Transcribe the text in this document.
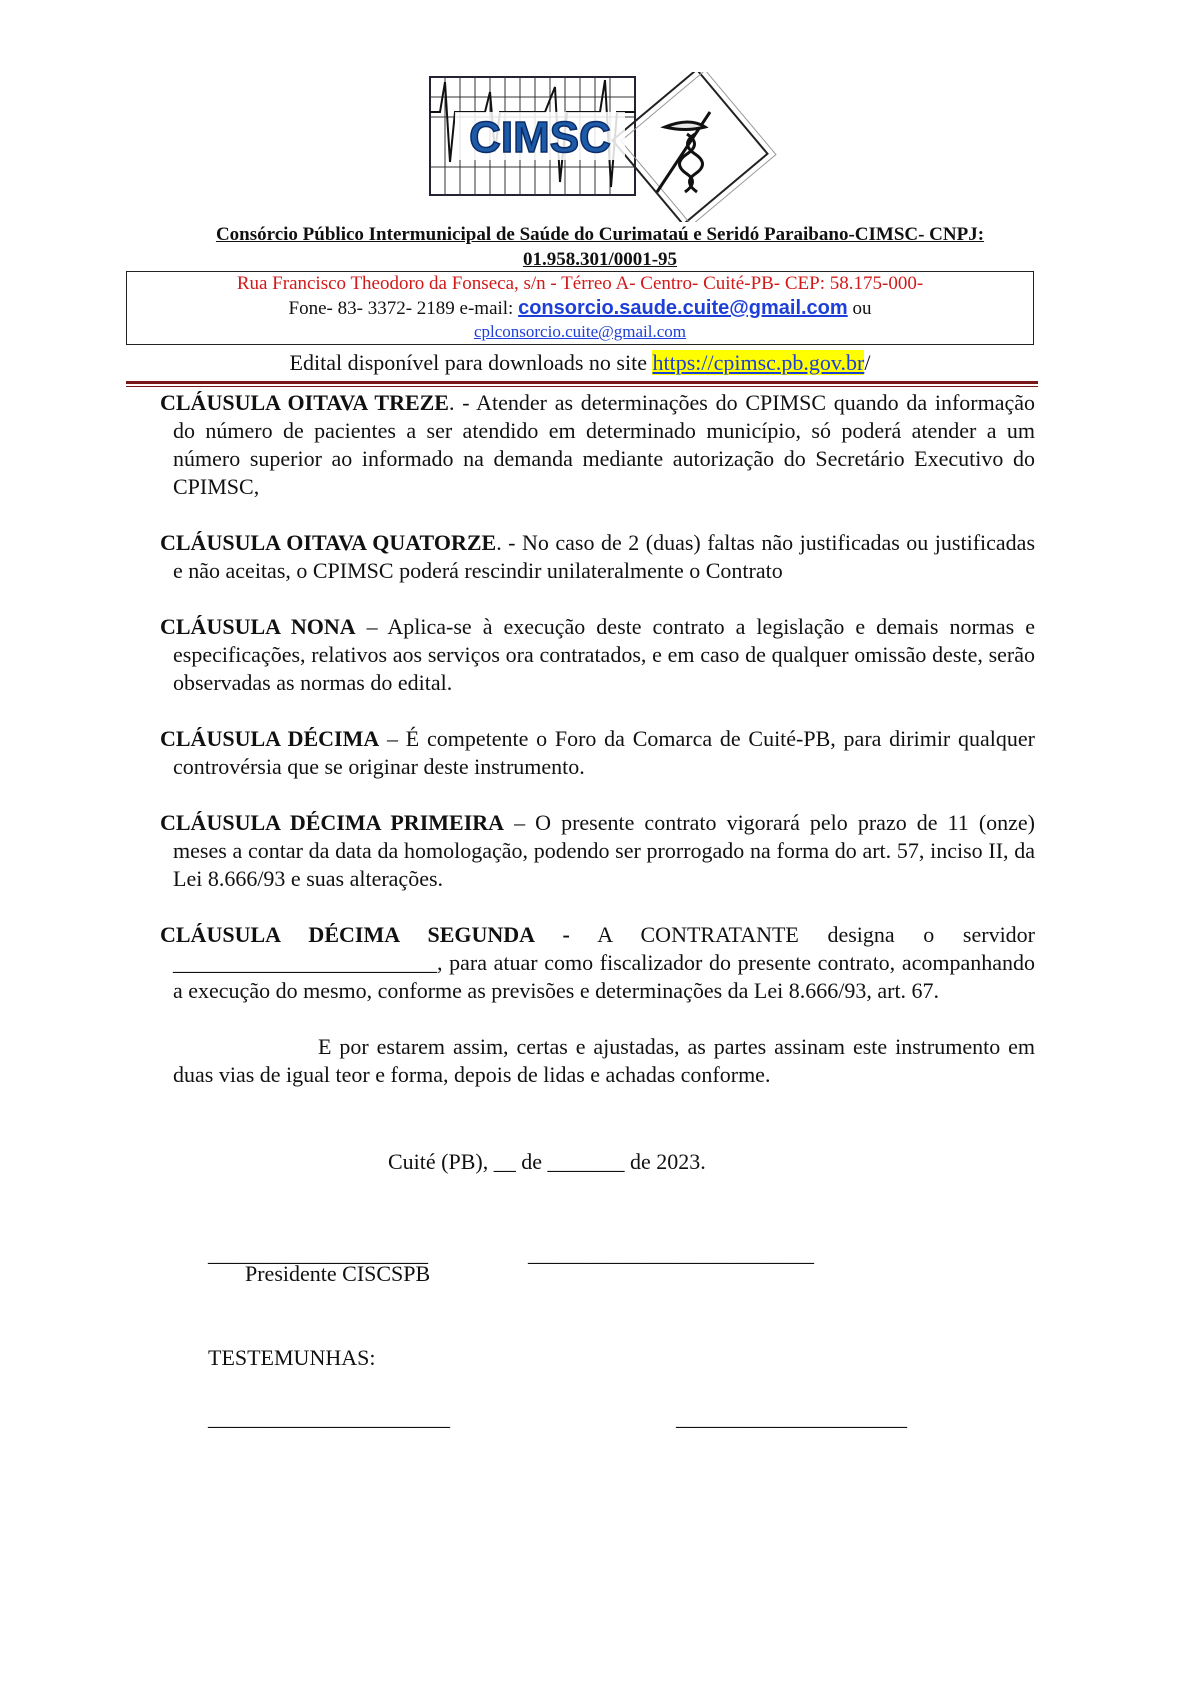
CIMSC
Consórcio Público Intermunicipal de Saúde do Curimataú e Seridó Paraibano-CIMSC- CNPJ:
01.958.301/0001-95
Rua Francisco Theodoro da Fonseca, s/n - Térreo A- Centro- Cuité-PB- CEP: 58.175-000-
Fone- 83- 3372- 2189 e-mail: consorcio.saude.cuite@gmail.com ou
cplconsorcio.cuite@gmail.com
Edital disponível para downloads no site https://cpimsc.pb.gov.br/

CLÁUSULA OITAVA TREZE. - Atender as determinações do CPIMSC quando da informação do número de pacientes a ser atendido em determinado município, só poderá atender a um número superior ao informado na demanda mediante autorização do Secretário Executivo do CPIMSC,

CLÁUSULA OITAVA QUATORZE. - No caso de 2 (duas) faltas não justificadas ou justificadas e não aceitas, o CPIMSC poderá rescindir unilateralmente o Contrato

CLÁUSULA NONA – Aplica-se à execução deste contrato a legislação e demais normas e especificações, relativos aos serviços ora contratados, e em caso de qualquer omissão deste, serão observadas as normas do edital.

CLÁUSULA DÉCIMA – É competente o Foro da Comarca de Cuité-PB, para dirimir qualquer controvérsia que se originar deste instrumento.

CLÁUSULA DÉCIMA PRIMEIRA – O presente contrato vigorará pelo prazo de 11 (onze) meses a contar da data da homologação, podendo ser prorrogado na forma do art. 57, inciso II, da Lei 8.666/93 e suas alterações.

CLÁUSULA DÉCIMA SEGUNDA - A CONTRATANTE designa o servidor ________________________, para atuar como fiscalizador do presente contrato, acompanhando a execução do mesmo, conforme as previsões e determinações da Lei 8.666/93, art. 67.

E por estarem assim, certas e ajustadas, as partes assinam este instrumento em duas vias de igual teor e forma, depois de lidas e achadas conforme.

Cuité (PB), __ de _______ de 2023.
____________________	__________________________
Presidente CISCSPB
TESTEMUNHAS:
______________________	_____________________
